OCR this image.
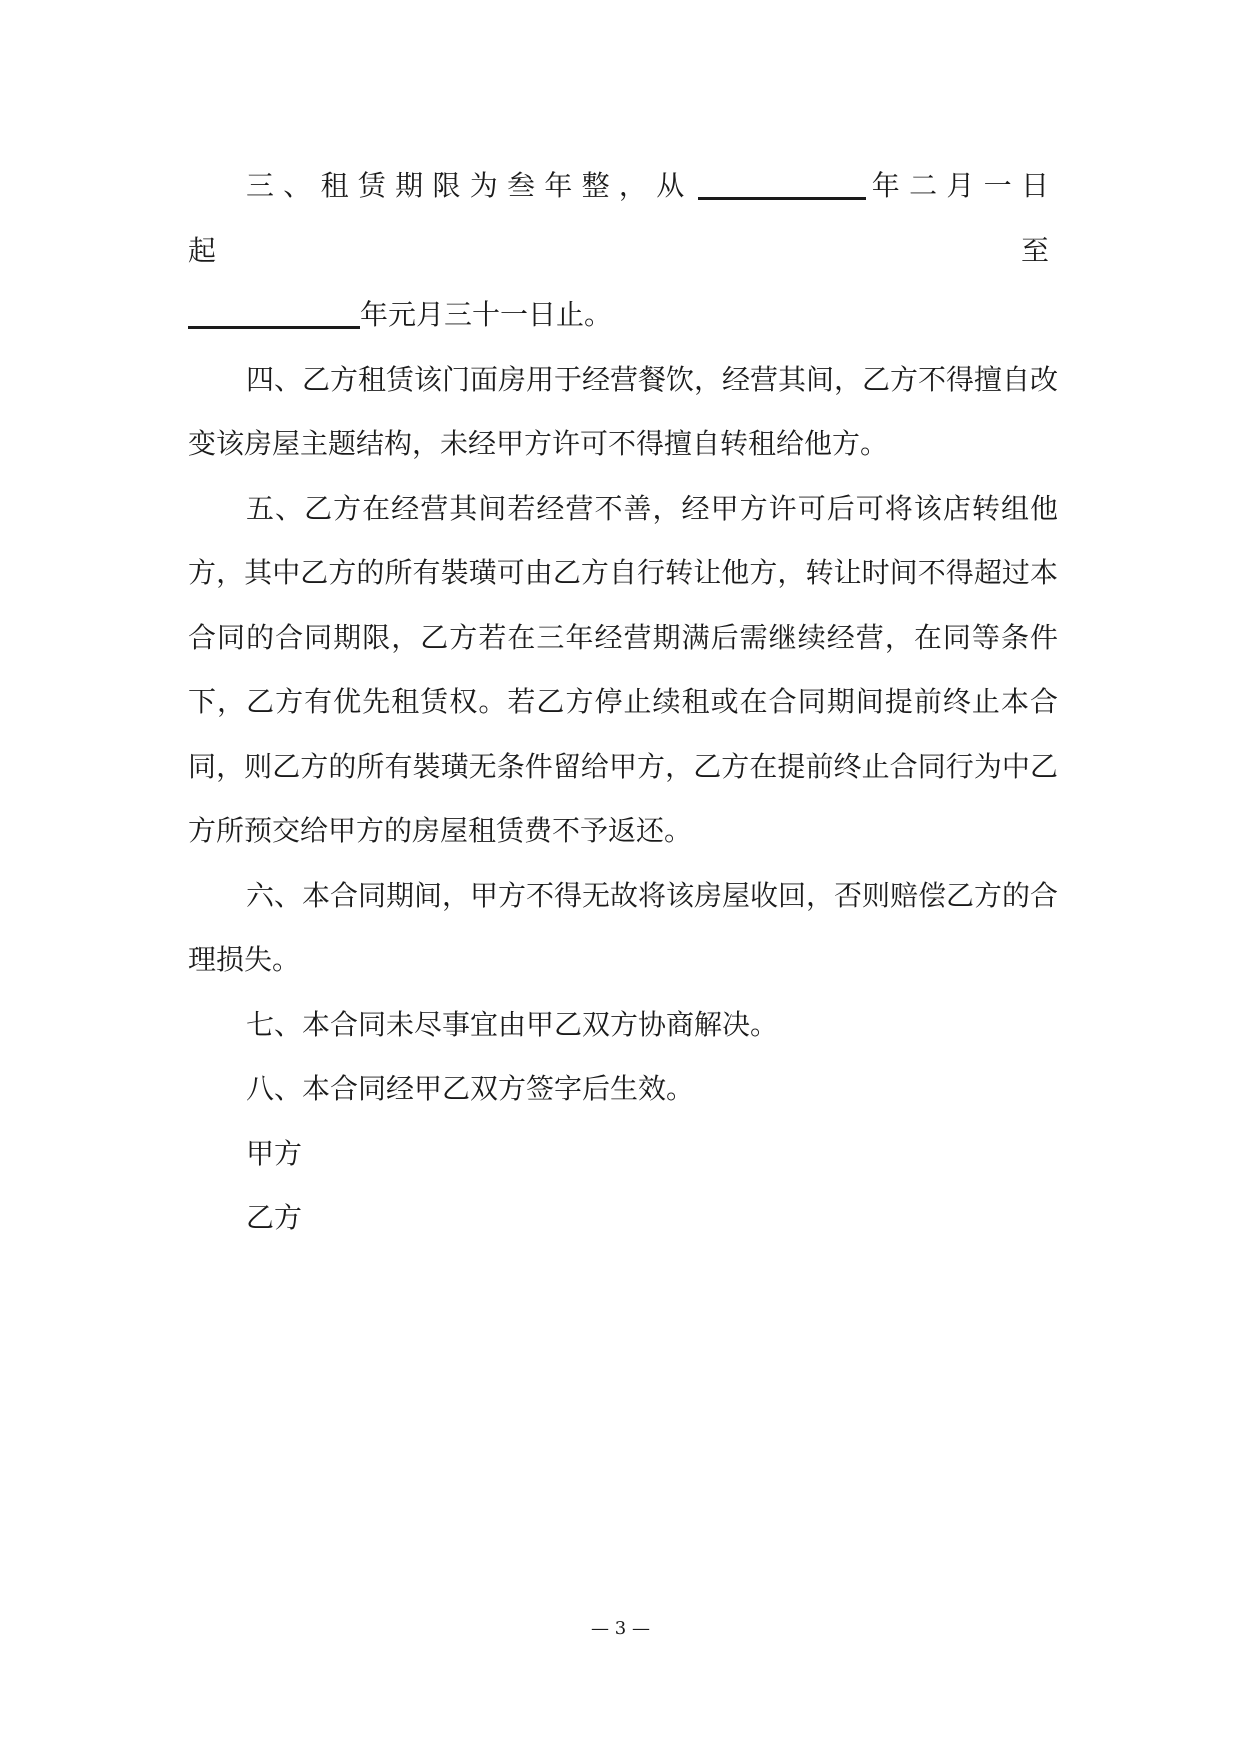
三、租赁期限为叁年整，从	年二月一日起至

年元月三十一日止。

四、乙方租赁该门面房用于经营餐饮，经营其间，乙方不得擅自改变该房屋主题结构，未经甲方许可不得擅自转租给他方。

五、乙方在经营其间若经营不善，经甲方许可后可将该店转组他方，其中乙方的所有裝璜可由乙方自行转让他方，转让时间不得超过本合同的合同期限，乙方若在三年经营期满后需继续经营，在同等条件下，乙方有优先租赁权。若乙方停止续租或在合同期间提前终止本合同，则乙方的所有裝璜无条件留给甲方，乙方在提前终止合同行为中乙方所预交给甲方的房屋租赁费不予返还。

六、本合同期间，甲方不得无故将该房屋收回，否则赔偿乙方的合理损失。

七、本合同未尽事宜由甲乙双方协商解决。

八、本合同经甲乙双方签字后生效。

甲方

乙方

— 3 —
